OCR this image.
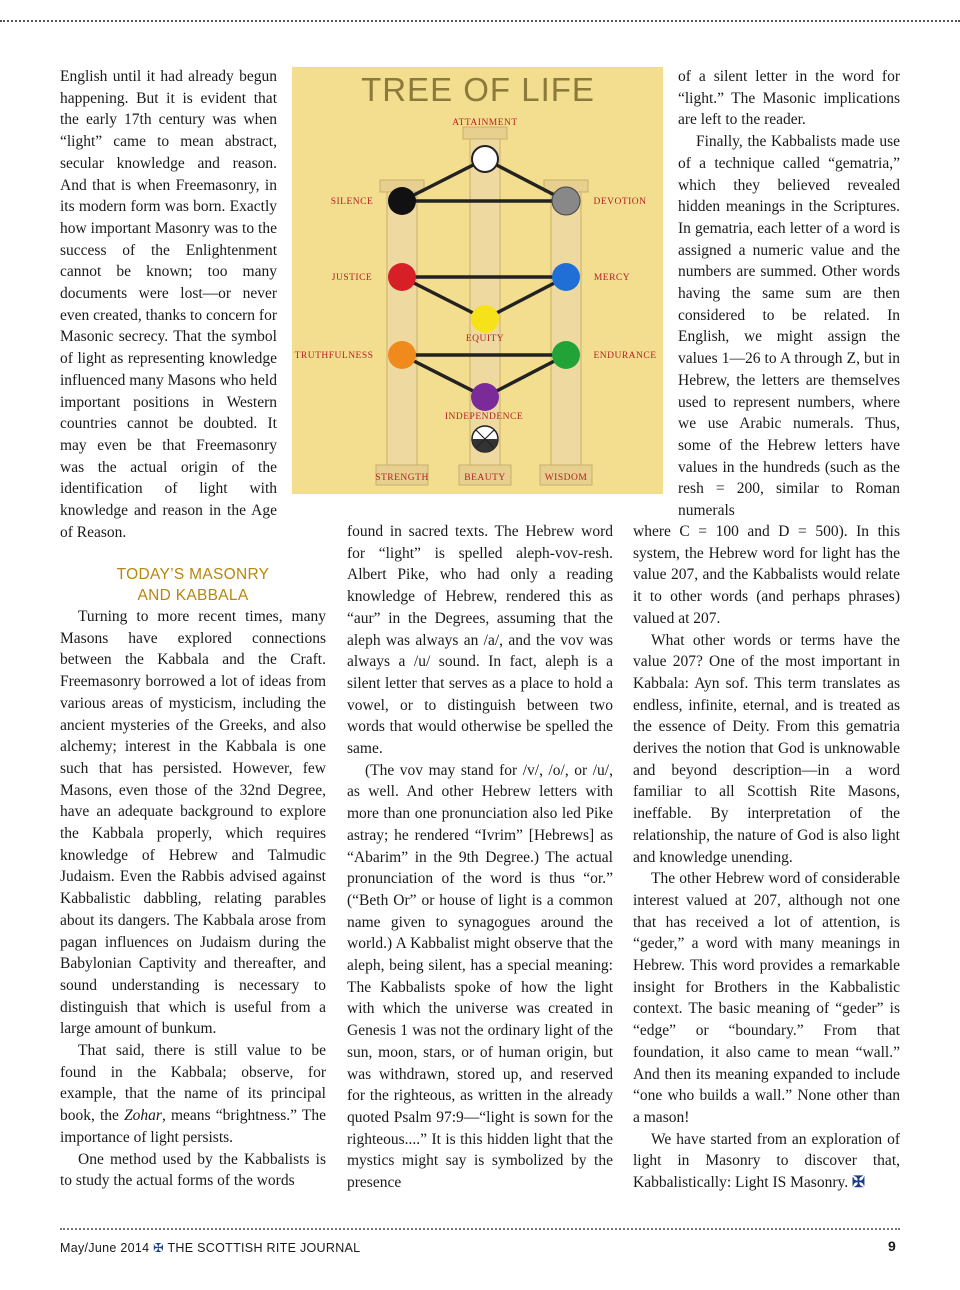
English until it had already begun happening. But it is evident that the early 17th century was when “light” came to mean abstract, secular knowledge and reason. And that is when Freemasonry, in its modern form was born. Exactly how important Masonry was to the success of the Enlightenment cannot be known; too many documents were lost—or never even created, thanks to concern for Masonic secrecy. That the symbol of light as representing knowledge influenced many Masons who held important positions in Western countries cannot be doubted. It may even be that Freemasonry was the actual origin of the identification of light with knowledge and reason in the Age of Reason.

TODAY’S MASONRY
AND KABBALA

Turning to more recent times, many Masons have explored connections between the Kabbala and the Craft. Freemasonry borrowed a lot of ideas from various areas of mysticism, including the ancient mysteries of the Greeks, and also alchemy; interest in the Kabbala is one such that has persisted. However, few Masons, even those of the 32nd Degree, have an adequate background to explore the Kabbala properly, which requires knowledge of Hebrew and Talmudic Judaism. Even the Rabbis advised against Kabbalistic dabbling, relating parables about its dangers. The Kabbala arose from pagan influences on Judaism during the Babylonian Captivity and thereafter, and sound understanding is necessary to distinguish that which is useful from a large amount of bunkum.

That said, there is still value to be found in the Kabbala; observe, for example, that the name of its principal book, the Zohar, means “brightness.” The importance of light persists.

One method used by the Kabbalists is to study the actual forms of the words

TREE OF LIFE
ATTAINMENT
SILENCE	DEVOTION
JUSTICE	MERCY
EQUITY
TRUTHFULNESS	ENDURANCE
INDEPENDENCE
STRENGTH	BEAUTY	WISDOM

found in sacred texts. The Hebrew word for “light” is spelled aleph-vov-resh. Albert Pike, who had only a reading knowledge of Hebrew, rendered this as “aur” in the Degrees, assuming that the aleph was always an /a/, and the vov was always a /u/ sound. In fact, aleph is a silent letter that serves as a place to hold a vowel, or to distinguish between two words that would otherwise be spelled the same.

(The vov may stand for /v/, /o/, or /u/, as well. And other Hebrew letters with more than one pronunciation also led Pike astray; he rendered “Ivrim” [Hebrews] as “Abarim” in the 9th Degree.) The actual pronunciation of the word is thus “or.” (“Beth Or” or house of light is a common name given to synagogues around the world.) A Kabbalist might observe that the aleph, being silent, has a special meaning: The Kabbalists spoke of how the light with which the universe was created in Genesis 1 was not the ordinary light of the sun, moon, stars, or of human origin, but was withdrawn, stored up, and reserved for the righteous, as written in the already quoted Psalm 97:9—“light is sown for the righteous....” It is this hidden light that the mystics might say is symbolized by the presence

of a silent letter in the word for “light.” The Masonic implications are left to the reader.

Finally, the Kabbalists made use of a technique called “gematria,” which they believed revealed hidden meanings in the Scriptures. In gematria, each letter of a word is assigned a numeric value and the numbers are summed. Other words having the same sum are then considered to be related. In English, we might assign the values 1—26 to A through Z, but in Hebrew, the letters are themselves used to represent numbers, where we use Arabic numerals. Thus, some of the Hebrew letters have values in the hundreds (such as the resh = 200, similar to Roman numerals

where C = 100 and D = 500). In this system, the Hebrew word for light has the value 207, and the Kabbalists would relate it to other words (and perhaps phrases) valued at 207.

What other words or terms have the value 207? One of the most important in Kabbala: Ayn sof. This term translates as endless, infinite, eternal, and is treated as the essence of Deity. From this gematria derives the notion that God is unknowable and beyond description—in a word familiar to all Scottish Rite Masons, ineffable. By interpretation of the relationship, the nature of God is also light and knowledge unending.

The other Hebrew word of considerable interest valued at 207, although not one that has received a lot of attention, is “geder,” a word with many meanings in Hebrew. This word provides a remarkable insight for Brothers in the Kabbalistic context. The basic meaning of “geder” is “edge” or “boundary.” From that foundation, it also came to mean “wall.” And then its meaning expanded to include “one who builds a wall.” None other than a mason!

We have started from an exploration of light in Masonry to discover that, Kabbalistically: Light IS Masonry. ✠

May/June 2014 ✠ THE SCOTTISH RITE JOURNAL	9
